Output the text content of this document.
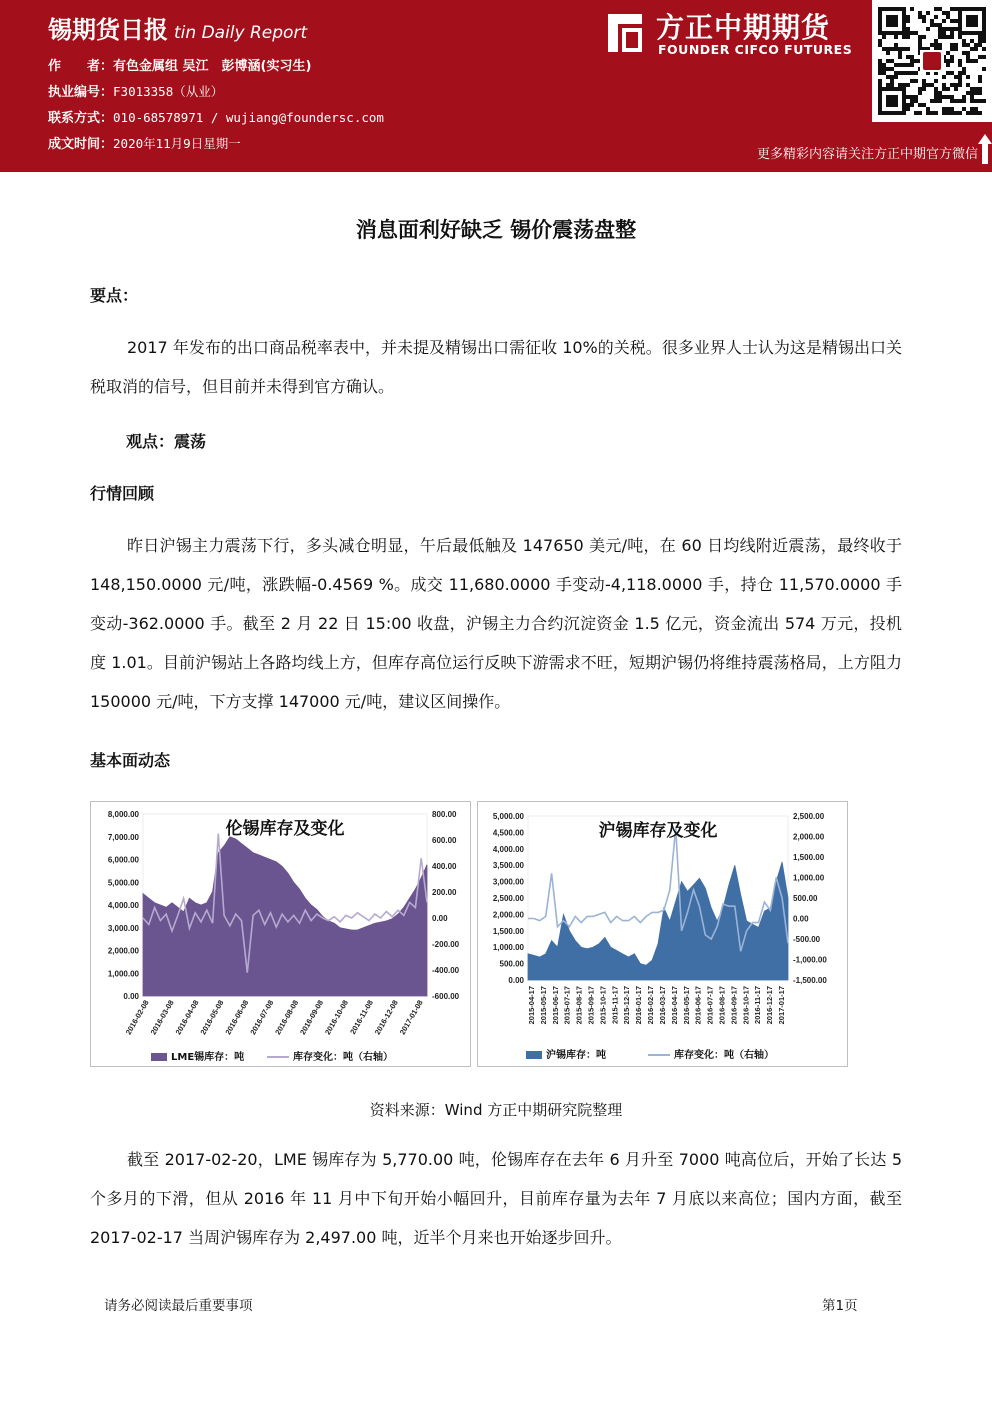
锡期货日报 tin Daily Report
作　　者：有色金属组 吴江　彭博涵(实习生)
执业编号：F3013358（从业）
联系方式：010-68578971 / wujiang@foundersc.com
成文时间：2020年11月9日星期一
方正中期期货
FOUNDER CIFCO FUTURES
更多精彩内容请关注方正中期官方微信
消息面利好缺乏 锡价震荡盘整
要点：
2017 年发布的出口商品税率表中，并未提及精锡出口需征收 10%的关税。很多业界人士认为这是精锡出口关税取消的信号，但目前并未得到官方确认。
观点：震荡
行情回顾
昨日沪锡主力震荡下行，多头减仓明显，午后最低触及 147650 美元/吨，在 60 日均线附近震荡，最终收于 148,150.0000 元/吨，涨跌幅-0.4569 %。成交 11,680.0000 手变动-4,118.0000 手，持仓 11,570.0000 手变动-362.0000 手。截至 2 月 22 日 15:00 收盘，沪锡主力合约沉淀资金 1.5 亿元，资金流出 574 万元，投机度 1.01。目前沪锡站上各路均线上方，但库存高位运行反映下游需求不旺，短期沪锡仍将维持震荡格局，上方阻力 150000 元/吨，下方支撑 147000 元/吨，建议区间操作。
基本面动态
8,000.00
7,000.00
6,000.00
5,000.00
4,000.00
3,000.00
2,000.00
1,000.00
0.00
800.00
600.00
400.00
200.00
0.00
-200.00
-400.00
-600.00
伦锡库存及变化
2016-02-08
2016-03-08
2016-04-08
2016-05-08
2016-06-08
2016-07-08
2016-08-08
2016-09-08
2016-10-08
2016-11-08
2016-12-08
2017-01-08
LME锡库存：吨	库存变化：吨（右轴）
5,000.00
4,500.00
4,000.00
3,500.00
3,000.00
2,500.00
2,000.00
1,500.00
1,000.00
500.00
0.00
2,500.00
2,000.00
1,500.00
1,000.00
500.00
0.00
-500.00
-1,000.00
-1,500.00
沪锡库存及变化
2015-04-17 2015-05-17 2015-06-17 2015-07-17 2015-08-17 2015-09-17 2015-10-17 2015-11-17 2015-12-17 2016-01-17 2016-02-17 2016-03-17 2016-04-17 2016-05-17 2016-06-17 2016-07-17 2016-08-17 2016-09-17 2016-10-17 2016-11-17 2016-12-17 2017-01-17
沪锡库存：吨	库存变化：吨（右轴）
资料来源：Wind 方正中期研究院整理
截至 2017-02-20，LME 锡库存为 5,770.00 吨，伦锡库存在去年 6 月升至 7000 吨高位后，开始了长达 5 个多月的下滑，但从 2016 年 11 月中下旬开始小幅回升，目前库存量为去年 7 月底以来高位；国内方面，截至 2017-02-17 当周沪锡库存为 2,497.00 吨，近半个月来也开始逐步回升。
请务必阅读最后重要事项	第1页
